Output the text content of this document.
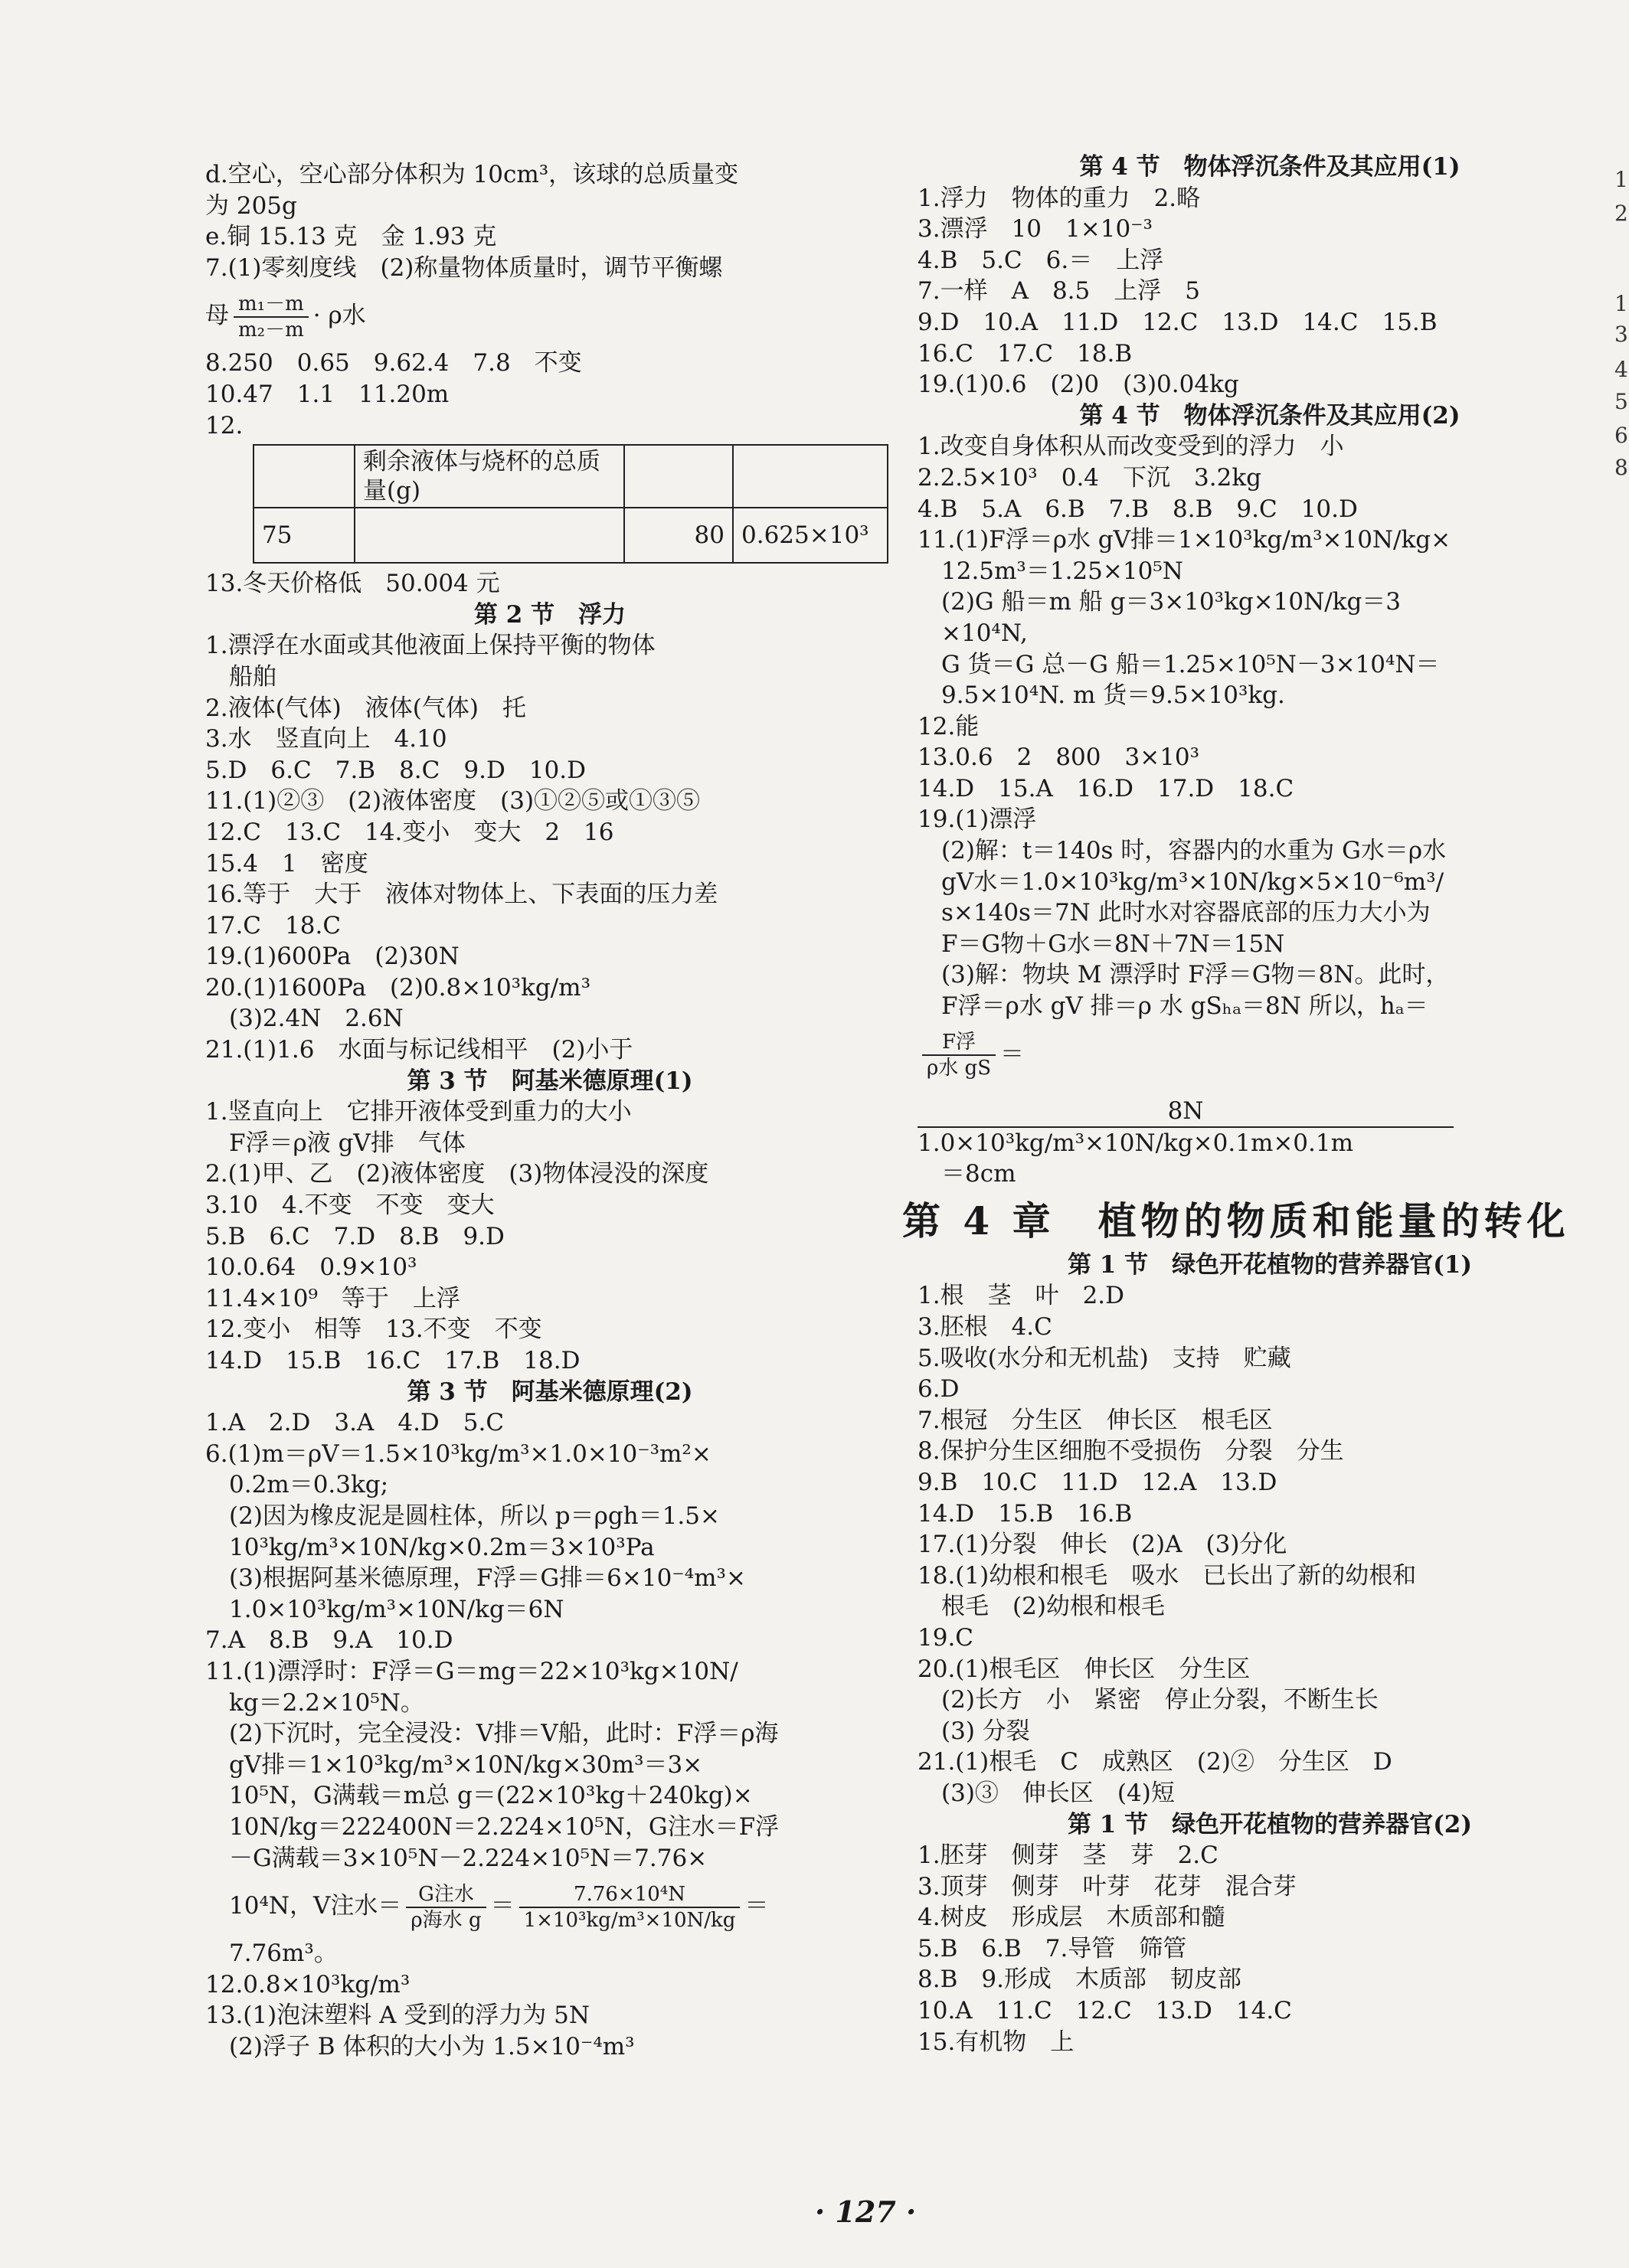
d.空心，空心部分体积为 10cm³，该球的总质量变
为 205g
e.铜 15.13 克　金 1.93 克
7.(1)零刻度线　(2)称量物体质量时，调节平衡螺
母 $\frac{\text{m₁－m}}{\text{m₂－m}} \cdot \rho$水
8.250　0.65　9.62.4　7.8　不变
10.47　1.1　11.20m
12.
	剩余液体与烧杯的总质量(g)		
75		80	0.625×10³
13.冬天价格低　50.004 元
第 2 节　浮力
1.漂浮在水面或其他液面上保持平衡的物体
　船舶
2.液体(气体)　液体(气体)　托
3.水　竖直向上　4.10
5.D　6.C　7.B　8.C　9.D　10.D
11.(1)②③　(2)液体密度　(3)①②⑤或①③⑤
12.C　13.C　14.变小　变大　2　16
15.4　1　密度
16.等于　大于　液体对物体上、下表面的压力差
17.C　18.C
19.(1)600Pa　(2)30N
20.(1)1600Pa　(2)0.8×10³kg/m³
　(3)2.4N　2.6N
21.(1)1.6　水面与标记线相平　(2)小于
第 3 节　阿基米德原理(1)
1.竖直向上　它排开液体受到重力的大小
　F浮＝ρ液 gV排　气体
2.(1)甲、乙　(2)液体密度　(3)物体浸没的深度
3.10　4.不变　不变　变大
5.B　6.C　7.D　8.B　9.D
10.0.64　0.9×10³
11.4×10⁹　等于　上浮
12.变小　相等　13.不变　不变
14.D　15.B　16.C　17.B　18.D
第 3 节　阿基米德原理(2)
1.A　2.D　3.A　4.D　5.C
6.(1)m＝ρV＝1.5×10³kg/m³×1.0×10⁻³m²×
　0.2m＝0.3kg;
　(2)因为橡皮泥是圆柱体，所以 p＝ρgh＝1.5×
　10³kg/m³×10N/kg×0.2m＝3×10³Pa
　(3)根据阿基米德原理，F浮＝G排＝6×10⁻⁴m³×
　1.0×10³kg/m³×10N/kg＝6N
7.A　8.B　9.A　10.D
11.(1)漂浮时：F浮＝G＝mg＝22×10³kg×10N/
　kg＝2.2×10⁵N。
　(2)下沉时，完全浸没：V排＝V船，此时：F浮＝ρ海
　gV排＝1×10³kg/m³×10N/kg×30m³＝3×
　10⁵N，G满载＝m总 g＝(22×10³kg＋240kg)×
　10N/kg＝222400N＝2.224×10⁵N，G注水＝F浮
　－G满载＝3×10⁵N－2.224×10⁵N＝7.76×
　10⁴N，V注水＝ $\frac{\text{G注水}}{\text{ρ海水 g}} = \frac{\text{7.76×10⁴N}}{\text{1×10³kg/m³×10N/kg}}$ ＝
　7.76m³。
12.0.8×10³kg/m³
13.(1)泡沫塑料 A 受到的浮力为 5N
　(2)浮子 B 体积的大小为 1.5×10⁻⁴m³
第 4 节　物体浮沉条件及其应用(1)
1.浮力　物体的重力　2.略
3.漂浮　10　1×10⁻³
4.B　5.C　6.＝　上浮
7.一样　A　8.5　上浮　5
9.D　10.A　11.D　12.C　13.D　14.C　15.B
16.C　17.C　18.B
19.(1)0.6　(2)0　(3)0.04kg
第 4 节　物体浮沉条件及其应用(2)
1.改变自身体积从而改变受到的浮力　小
2.2.5×10³　0.4　下沉　3.2kg
4.B　5.A　6.B　7.B　8.B　9.C　10.D
11.(1)F浮＝ρ水 gV排＝1×10³kg/m³×10N/kg×
　12.5m³＝1.25×10⁵N
　(2)G 船＝m 船 g＝3×10³kg×10N/kg＝3
　×10⁴N,
　G 货＝G 总－G 船＝1.25×10⁵N－3×10⁴N＝
　9.5×10⁴N. m 货＝9.5×10³kg.
12.能
13.0.6　2　800　3×10³
14.D　15.A　16.D　17.D　18.C
19.(1)漂浮
　(2)解：t＝140s 时，容器内的水重为 G水＝ρ水
　gV水＝1.0×10³kg/m³×10N/kg×5×10⁻⁶m³/
　s×140s＝7N 此时水对容器底部的压力大小为
　F＝G物＋G水＝8N＋7N＝15N
　(3)解：物块 M 漂浮时 F浮＝G物＝8N。此时，
　F浮＝ρ水 gV 排＝ρ 水 gSₕₐ＝8N 所以，hₐ＝
$\frac{\text{F浮}}{\text{ρ水 gS}}$ ＝
8N
1.0×10³kg/m³×10N/kg×0.1m×0.1m
　＝8cm
第 4 章　植物的物质和能量的转化
第 1 节　绿色开花植物的营养器官(1)
1.根　茎　叶　2.D
3.胚根　4.C
5.吸收(水分和无机盐)　支持　贮藏
6.D
7.根冠　分生区　伸长区　根毛区
8.保护分生区细胞不受损伤　分裂　分生
9.B　10.C　11.D　12.A　13.D
14.D　15.B　16.B
17.(1)分裂　伸长　(2)A　(3)分化
18.(1)幼根和根毛　吸水　已长出了新的幼根和
　根毛　(2)幼根和根毛
19.C
20.(1)根毛区　伸长区　分生区
　(2)长方　小　紧密　停止分裂，不断生长
　(3) 分裂
21.(1)根毛　C　成熟区　(2)②　分生区　D
　(3)③　伸长区　(4)短
第 1 节　绿色开花植物的营养器官(2)
1.胚芽　侧芽　茎　芽　2.C
3.顶芽　侧芽　叶芽　花芽　混合芽
4.树皮　形成层　木质部和髓
5.B　6.B　7.导管　筛管
8.B　9.形成　木质部　韧皮部
10.A　11.C　12.C　13.D　14.C
15.有机物　上
· 127 ·
1
2
1
3
4
5
6
8
